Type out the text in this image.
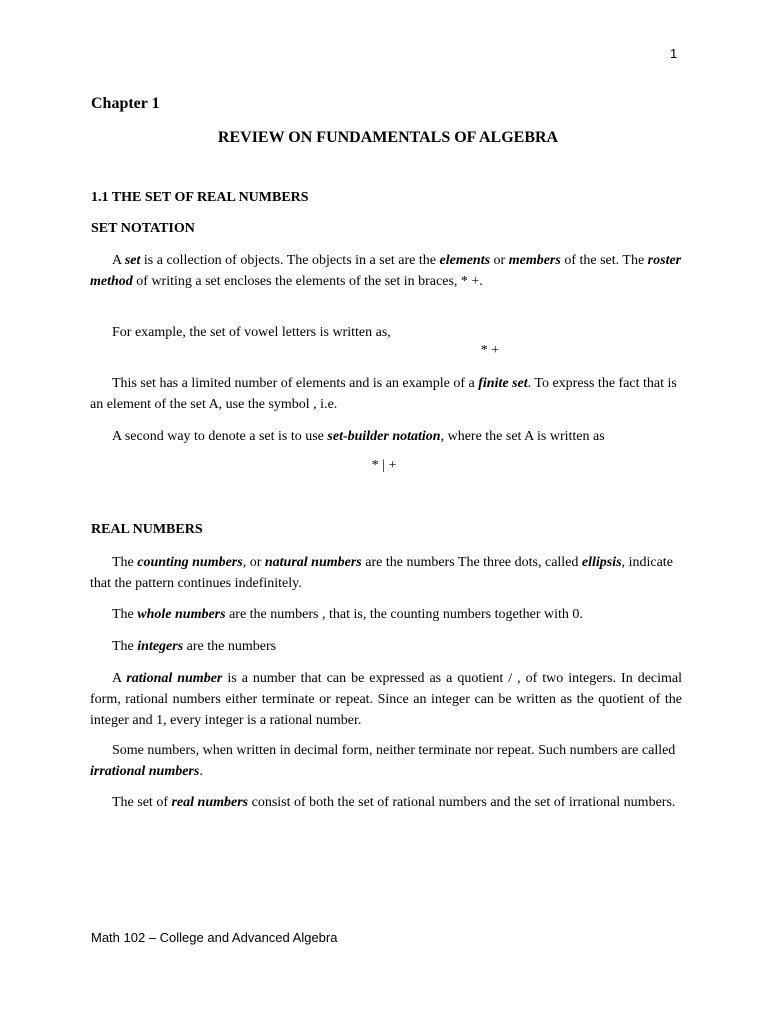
1
Chapter 1
REVIEW ON FUNDAMENTALS OF ALGEBRA
1.1 THE SET OF REAL NUMBERS
SET NOTATION
A set is a collection of objects. The objects in a set are the elements or members of the set. The roster method of writing a set encloses the elements of the set in braces, * +.
For example, the set of vowel letters is written as,
* +
This set has a limited number of elements and is an example of a finite set. To express the fact that is an element of the set A, use the symbol , i.e.
A second way to denote a set is to use set-builder notation, where the set A is written as
* | +
REAL NUMBERS
The counting numbers, or natural numbers are the numbers The three dots, called ellipsis, indicate that the pattern continues indefinitely.
The whole numbers are the numbers , that is, the counting numbers together with 0.
The integers are the numbers
A rational number is a number that can be expressed as a quotient / , of two integers. In decimal form, rational numbers either terminate or repeat. Since an integer can be written as the quotient of the integer and 1, every integer is a rational number.
Some numbers, when written in decimal form, neither terminate nor repeat. Such numbers are called irrational numbers.
The set of real numbers consist of both the set of rational numbers and the set of irrational numbers.
Math 102 – College and Advanced Algebra
